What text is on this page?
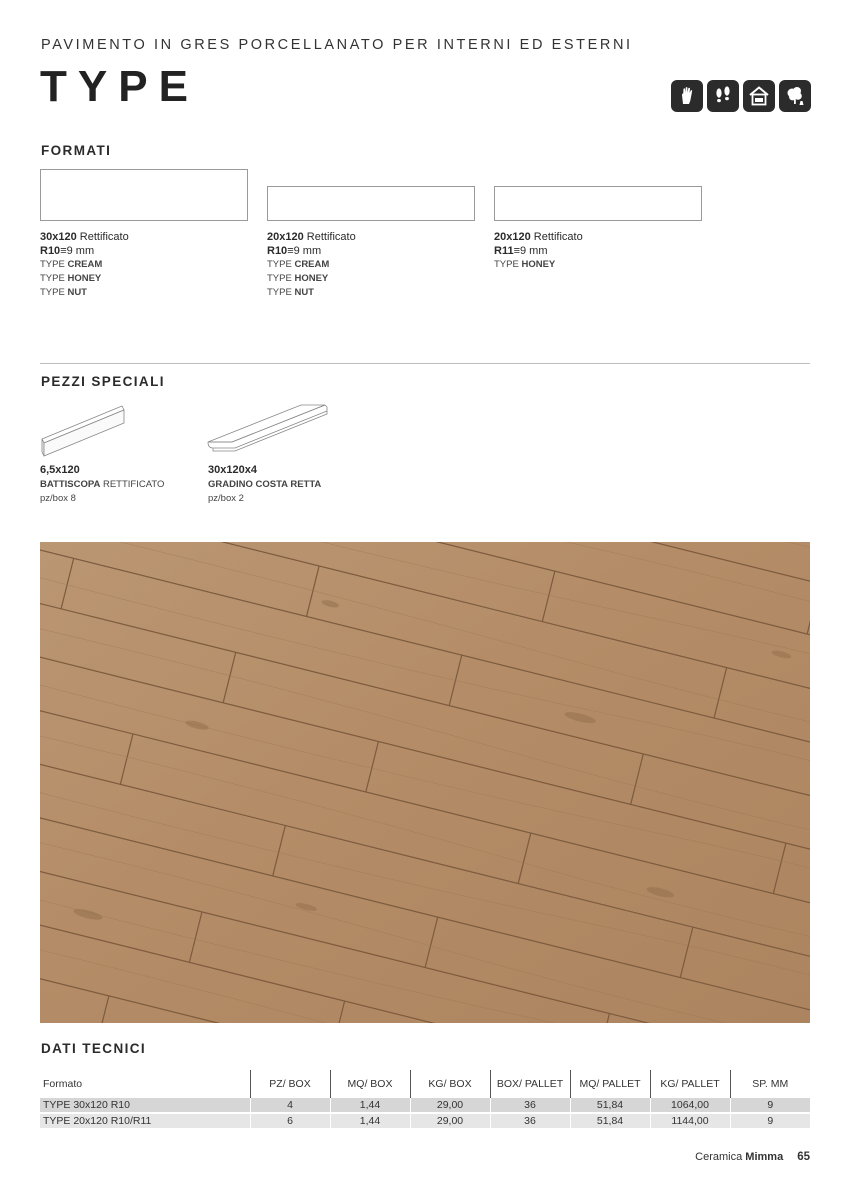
PAVIMENTO IN GRES PORCELLANATO PER INTERNI ED ESTERNI
TYPE
FORMATI
30x120 Rettificato
R10≡9 mm
TYPE CREAM
TYPE HONEY
TYPE NUT
20x120 Rettificato
R10≡9 mm
TYPE CREAM
TYPE HONEY
TYPE NUT
20x120 Rettificato
R11≡9 mm
TYPE HONEY
PEZZI SPECIALI
6,5x120
BATTISCOPA RETTIFICATO
pz/box 8
30x120x4
GRADINO COSTA RETTA
pz/box 2
DATI TECNICI
Formato	PZ/ BOX	MQ/ BOX	KG/ BOX	BOX/ PALLET	MQ/ PALLET	KG/ PALLET	SP. MM
TYPE 30x120 R10	4	1,44	29,00	36	51,84	1064,00	9
TYPE 20x120 R10/R11	6	1,44	29,00	36	51,84	1144,00	9
Ceramica Mimma 65
